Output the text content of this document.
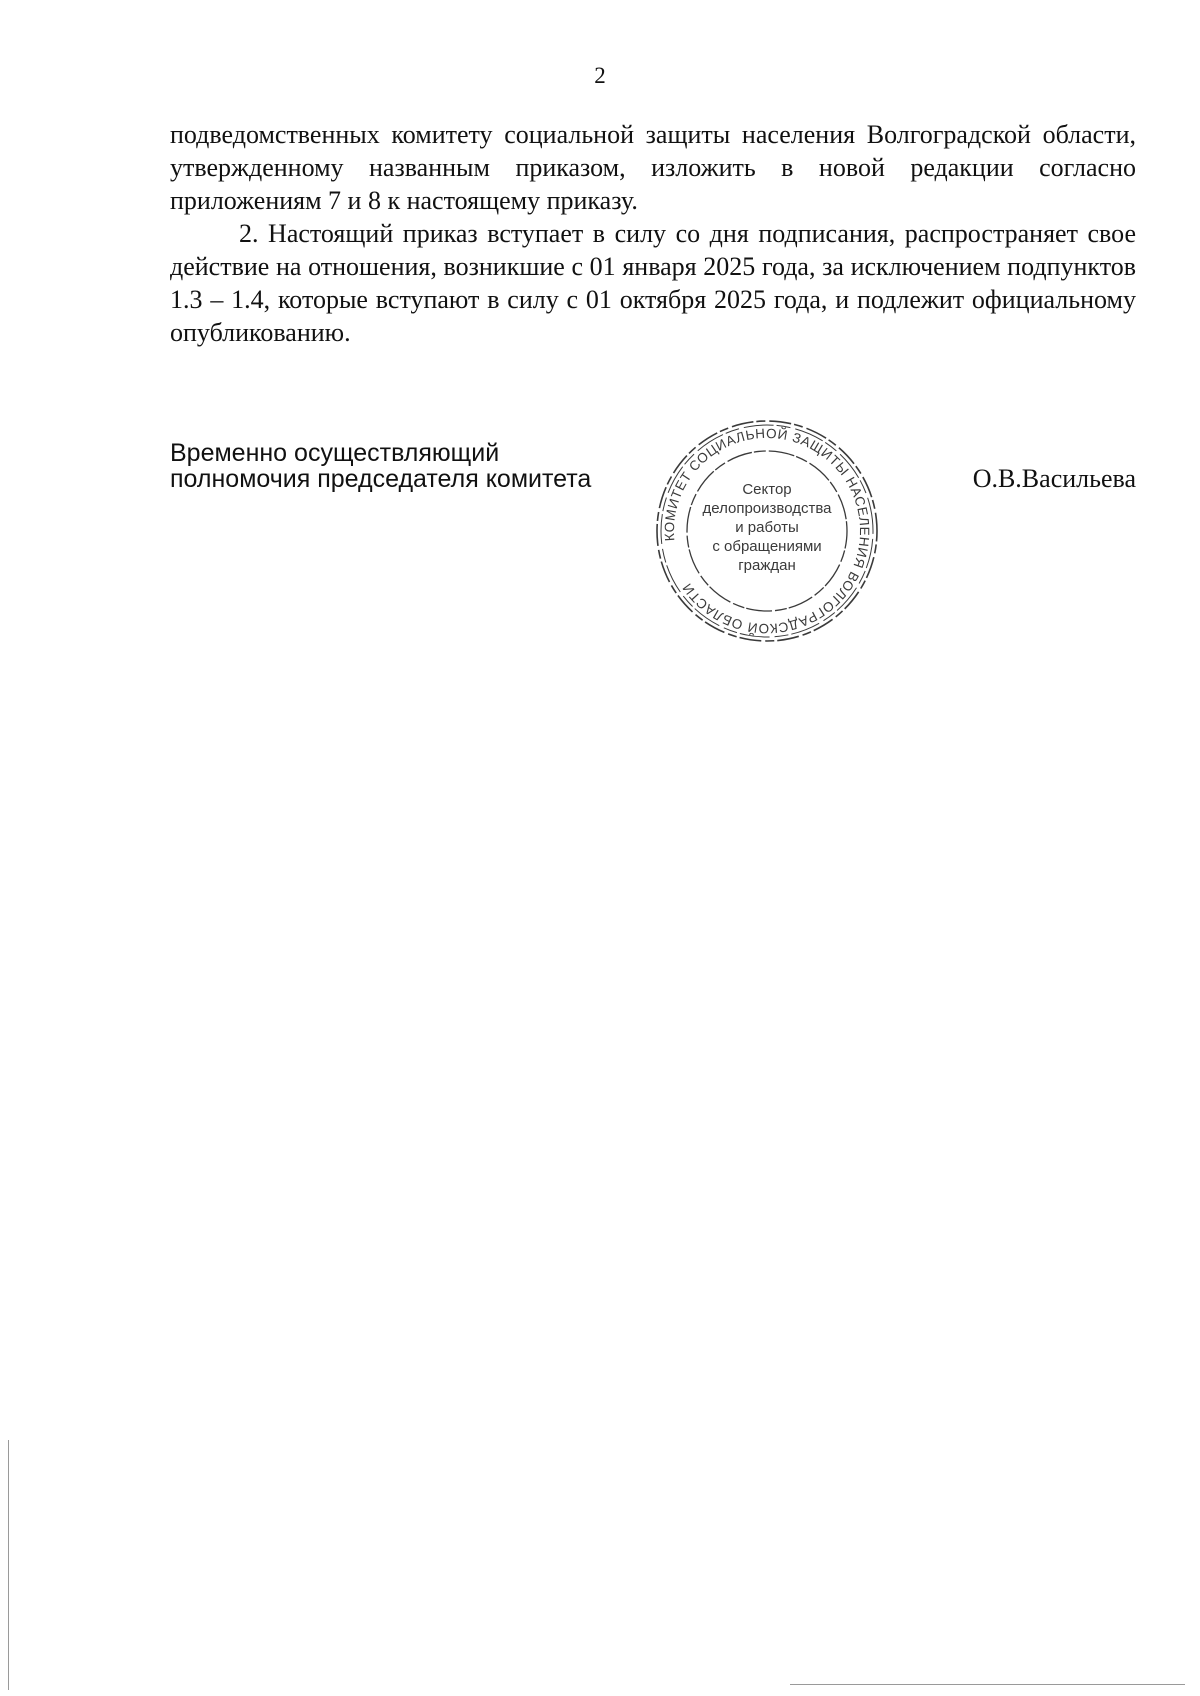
2

подведомственных комитету социальной защиты населения Волгоградской области, утвержденному названным приказом, изложить в новой редакции согласно приложениям 7 и 8 к настоящему приказу.

2. Настоящий приказ вступает в силу со дня подписания, распространяет свое действие на отношения, возникшие с 01 января 2025 года, за исключением подпунктов 1.3 – 1.4, которые вступают в силу с 01 октября 2025 года, и подлежит официальному опубликованию.

Временно осуществляющий
полномочия председателя комитета
КОМИТЕТ СОЦИАЛЬНОЙ ЗАЩИТЫ НАСЕЛЕНИЯ ВОЛГОГРАДСКОЙ ОБЛАСТИ
Сектор
делопроизводства
и работы
с обращениями
граждан
О.В.Васильева
